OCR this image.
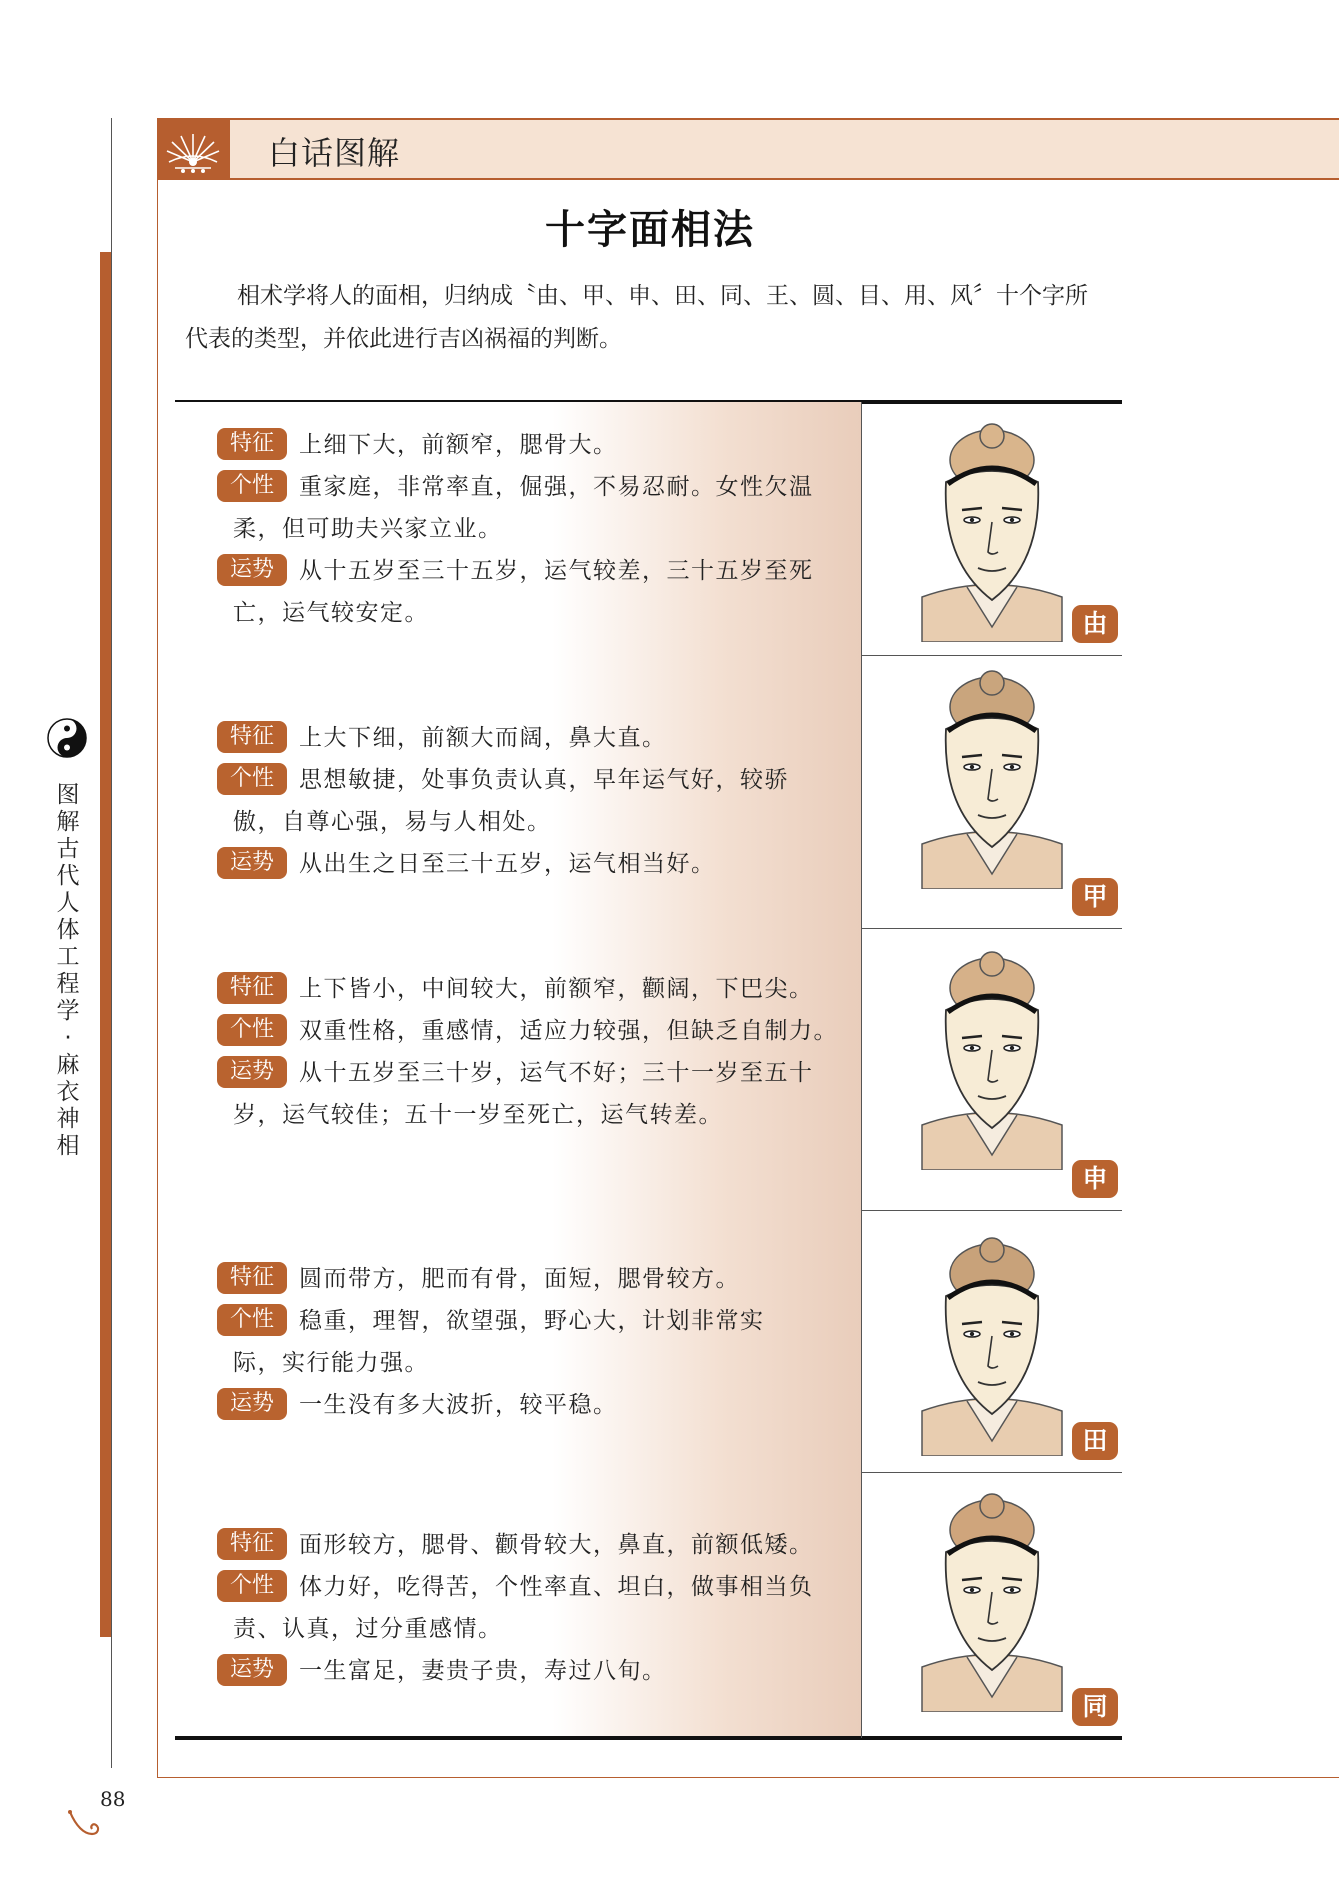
图解古代人体工程学·麻衣神相
88
白话图解
十字面相法
相术学将人的面相，归纳成〝由、甲、申、田、同、王、圆、目、用、风〞十个字所代表的类型，并依此进行吉凶祸福的判断。
特征 上细下大，前额窄，腮骨大。
个性 重家庭，非常率直，倔强，不易忍耐。女性欠温
柔，但可助夫兴家立业。
运势 从十五岁至三十五岁，运气较差，三十五岁至死
亡，运气较安定。	由
特征 上大下细，前额大而阔，鼻大直。
个性 思想敏捷，处事负责认真，早年运气好，较骄
傲，自尊心强，易与人相处。
运势 从出生之日至三十五岁，运气相当好。
甲
特征 上下皆小，中间较大，前额窄，颧阔，下巴尖。
个性 双重性格，重感情，适应力较强，但缺乏自制力。
运势 从十五岁至三十岁，运气不好；三十一岁至五十
岁，运气较佳；五十一岁至死亡，运气转差。
申
特征 圆而带方，肥而有骨，面短，腮骨较方。
个性 稳重，理智，欲望强，野心大，计划非常实
际，实行能力强。
运势 一生没有多大波折，较平稳。
田
特征 面形较方，腮骨、颧骨较大，鼻直，前额低矮。
个性 体力好，吃得苦，个性率直、坦白，做事相当负
责、认真，过分重感情。
运势 一生富足，妻贵子贵，寿过八旬。
同
